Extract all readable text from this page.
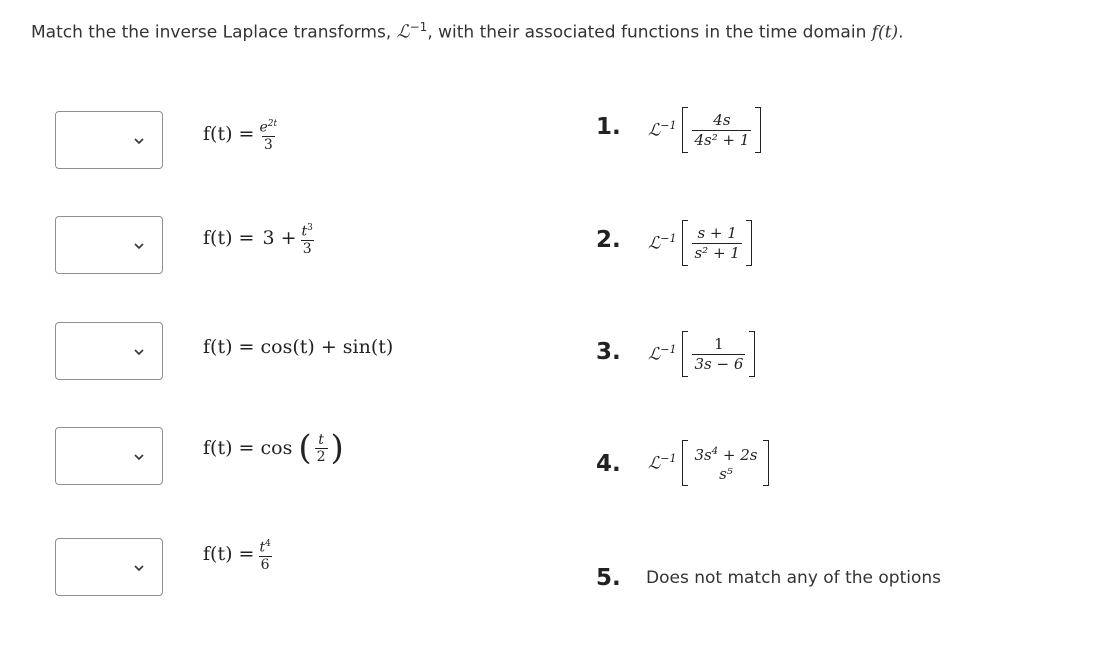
Match the the inverse Laplace transforms, ℒ$^{-1}$, with their associated functions in the time domain f(t).
$f(t) = \frac{e^{2t}}{3}$
$f(t) = 3 + \frac{t^3}{3}$
f(t) = cos(t) + sin(t)
f(t) = cos ( $\frac{t}{2}$ )
$f(t) = \frac{t^4}{6}$
1. ℒ$^{-1}$ $\frac{4s}{\text{4s² + 1}}$
2. ℒ$^{-1}$ $\frac{s + 1}{\text{s² + 1}}$
3. ℒ$^{-1}$ $\frac{1}{3s - 6}$
4. ℒ$^{-1}$ $3s^4 + 2s$
s⁵
5. Does not match any of the options
